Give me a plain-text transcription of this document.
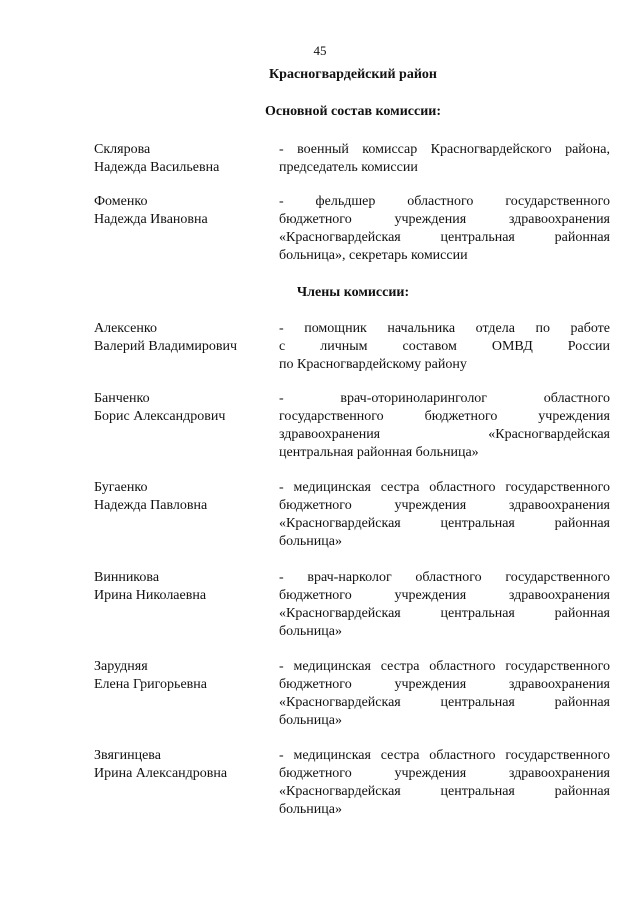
45
Красногвардейский район
Основной состав комиссии:
Члены комиссии:
Склярова
Надежда Васильевна
- военный комиссар Красногвардейского района,
председатель комиссии
Фоменко
Надежда Ивановна
- фельдшер областного государственного
бюджетного учреждения здравоохранения
«Красногвардейская центральная районная
больница», секретарь комиссии
Алексенко
Валерий Владимирович
- помощник начальника отдела по работе
с личным составом ОМВД России
по Красногвардейскому району
Банченко
Борис Александрович
- врач-оториноларинголог областного
государственного бюджетного учреждения
здравоохранения «Красногвардейская
центральная районная больница»
Бугаенко
Надежда Павловна
- медицинская сестра областного государственного
бюджетного учреждения здравоохранения
«Красногвардейская центральная районная
больница»
Винникова
Ирина Николаевна
- врач-нарколог областного государственного
бюджетного учреждения здравоохранения
«Красногвардейская центральная районная
больница»
Зарудняя
Елена Григорьевна
- медицинская сестра областного государственного
бюджетного учреждения здравоохранения
«Красногвардейская центральная районная
больница»
Звягинцева
Ирина Александровна
- медицинская сестра областного государственного
бюджетного учреждения здравоохранения
«Красногвардейская центральная районная
больница»
